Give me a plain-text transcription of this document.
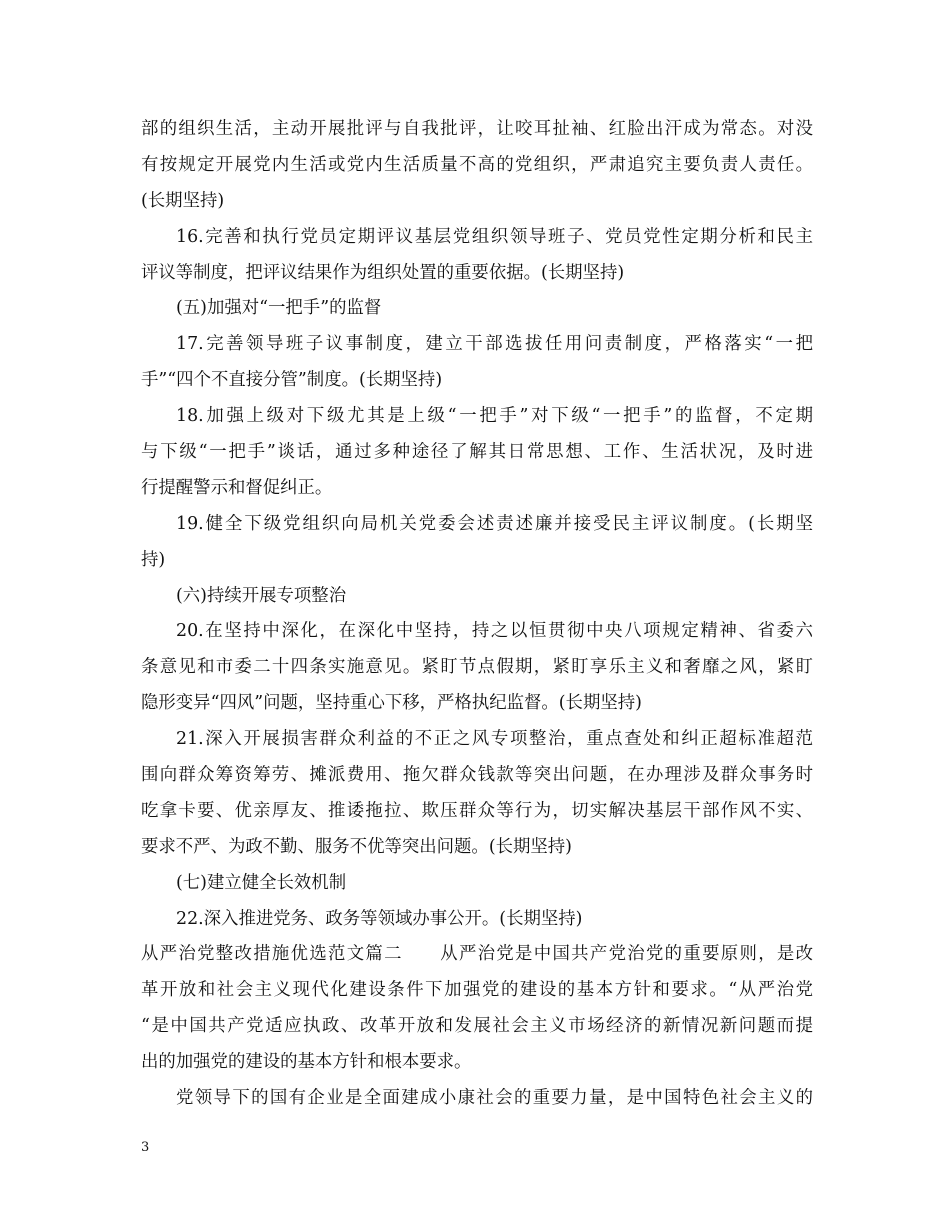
部的组织生活，主动开展批评与自我批评，让咬耳扯袖、红脸出汗成为常态。对没
有按规定开展党内生活或党内生活质量不高的党组织，严肃追究主要负责人责任。
(长期坚持)
16.完善和执行党员定期评议基层党组织领导班子、党员党性定期分析和民主
评议等制度，把评议结果作为组织处置的重要依据。(长期坚持)
(五)加强对“一把手”的监督
17.完善领导班子议事制度，建立干部选拔任用问责制度，严格落实“一把
手”“四个不直接分管”制度。(长期坚持)
18.加强上级对下级尤其是上级“一把手”对下级“一把手”的监督，不定期
与下级“一把手”谈话，通过多种途径了解其日常思想、工作、生活状况，及时进
行提醒警示和督促纠正。
19.健全下级党组织向局机关党委会述责述廉并接受民主评议制度。(长期坚
持)
(六)持续开展专项整治
20.在坚持中深化，在深化中坚持，持之以恒贯彻中央八项规定精神、省委六
条意见和市委二十四条实施意见。紧盯节点假期，紧盯享乐主义和奢靡之风，紧盯
隐形变异“四风”问题，坚持重心下移，严格执纪监督。(长期坚持)
21.深入开展损害群众利益的不正之风专项整治，重点查处和纠正超标准超范
围向群众筹资筹劳、摊派费用、拖欠群众钱款等突出问题，在办理涉及群众事务时
吃拿卡要、优亲厚友、推诿拖拉、欺压群众等行为，切实解决基层干部作风不实、
要求不严、为政不勤、服务不优等突出问题。(长期坚持)
(七)建立健全长效机制
22.深入推进党务、政务等领域办事公开。(长期坚持)
从严治党整改措施优选范文篇二　　从严治党是中国共产党治党的重要原则，是改
革开放和社会主义现代化建设条件下加强党的建设的基本方针和要求。“从严治党
“是中国共产党适应执政、改革开放和发展社会主义市场经济的新情况新问题而提
出的加强党的建设的基本方针和根本要求。
党领导下的国有企业是全面建成小康社会的重要力量，是中国特色社会主义的
3
